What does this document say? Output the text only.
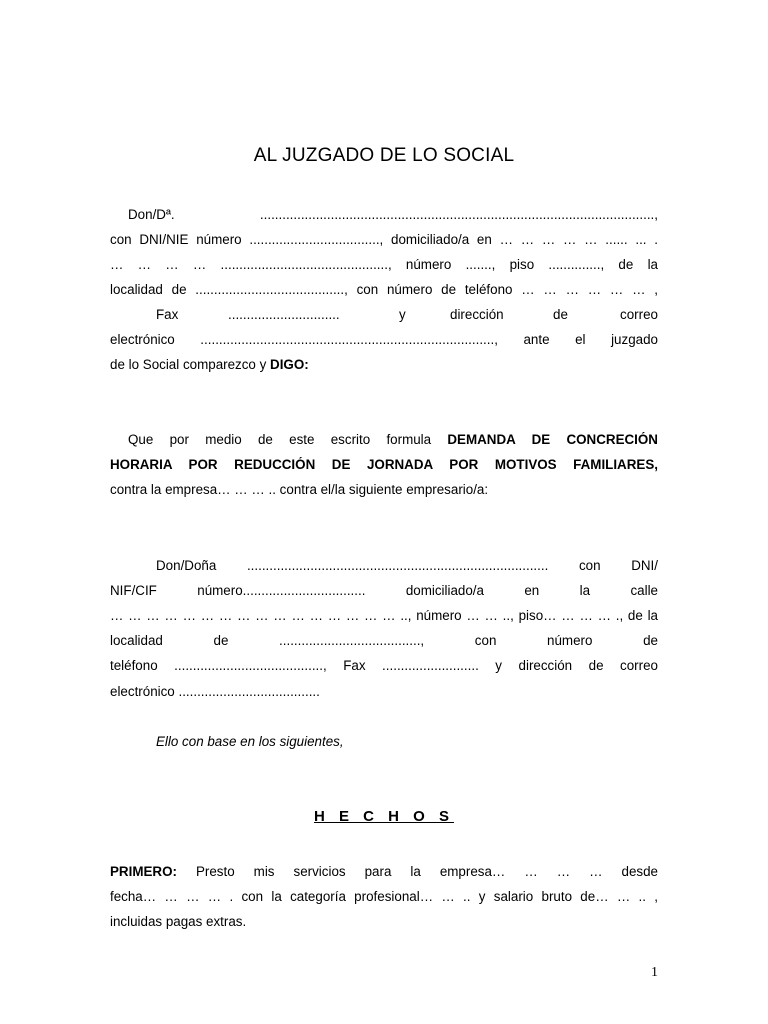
AL JUZGADO DE LO SOCIAL
Don/Dª. ..........................................................................................................,
con DNI/NIE número ..................................., domiciliado/a en … … … … … ...... ... .
… … … … ............................................., número ......., piso .............., de la
localidad de ........................................, con número de teléfono … … … … … … ,
Fax	..............................	y	dirección	de	correo
electrónico ..............................................................................., ante el juzgado
de lo Social comparezco y DIGO:
Que por medio de este escrito formula DEMANDA DE CONCRECIÓN
HORARIA POR REDUCCIÓN DE JORNADA POR MOTIVOS FAMILIARES,
contra la empresa… … … .. contra el/la siguiente empresario/a:
Don/Doña ................................................................................. con DNI/
NIF/CIF número................................. domiciliado/a en la calle
… … … … … … … … … … … … … … … … .., número … … .., piso… … … … ., de la
localidad de ......................................, con número de
teléfono ........................................, Fax .......................... y dirección de correo
electrónico ......................................
Ello con base en los siguientes,
H E C H O S
PRIMERO: Presto mis servicios para la empresa… … … … desde
fecha… … … … . con la categoría profesional… … .. y salario bruto de… … .. ,
incluidas pagas extras.
1
